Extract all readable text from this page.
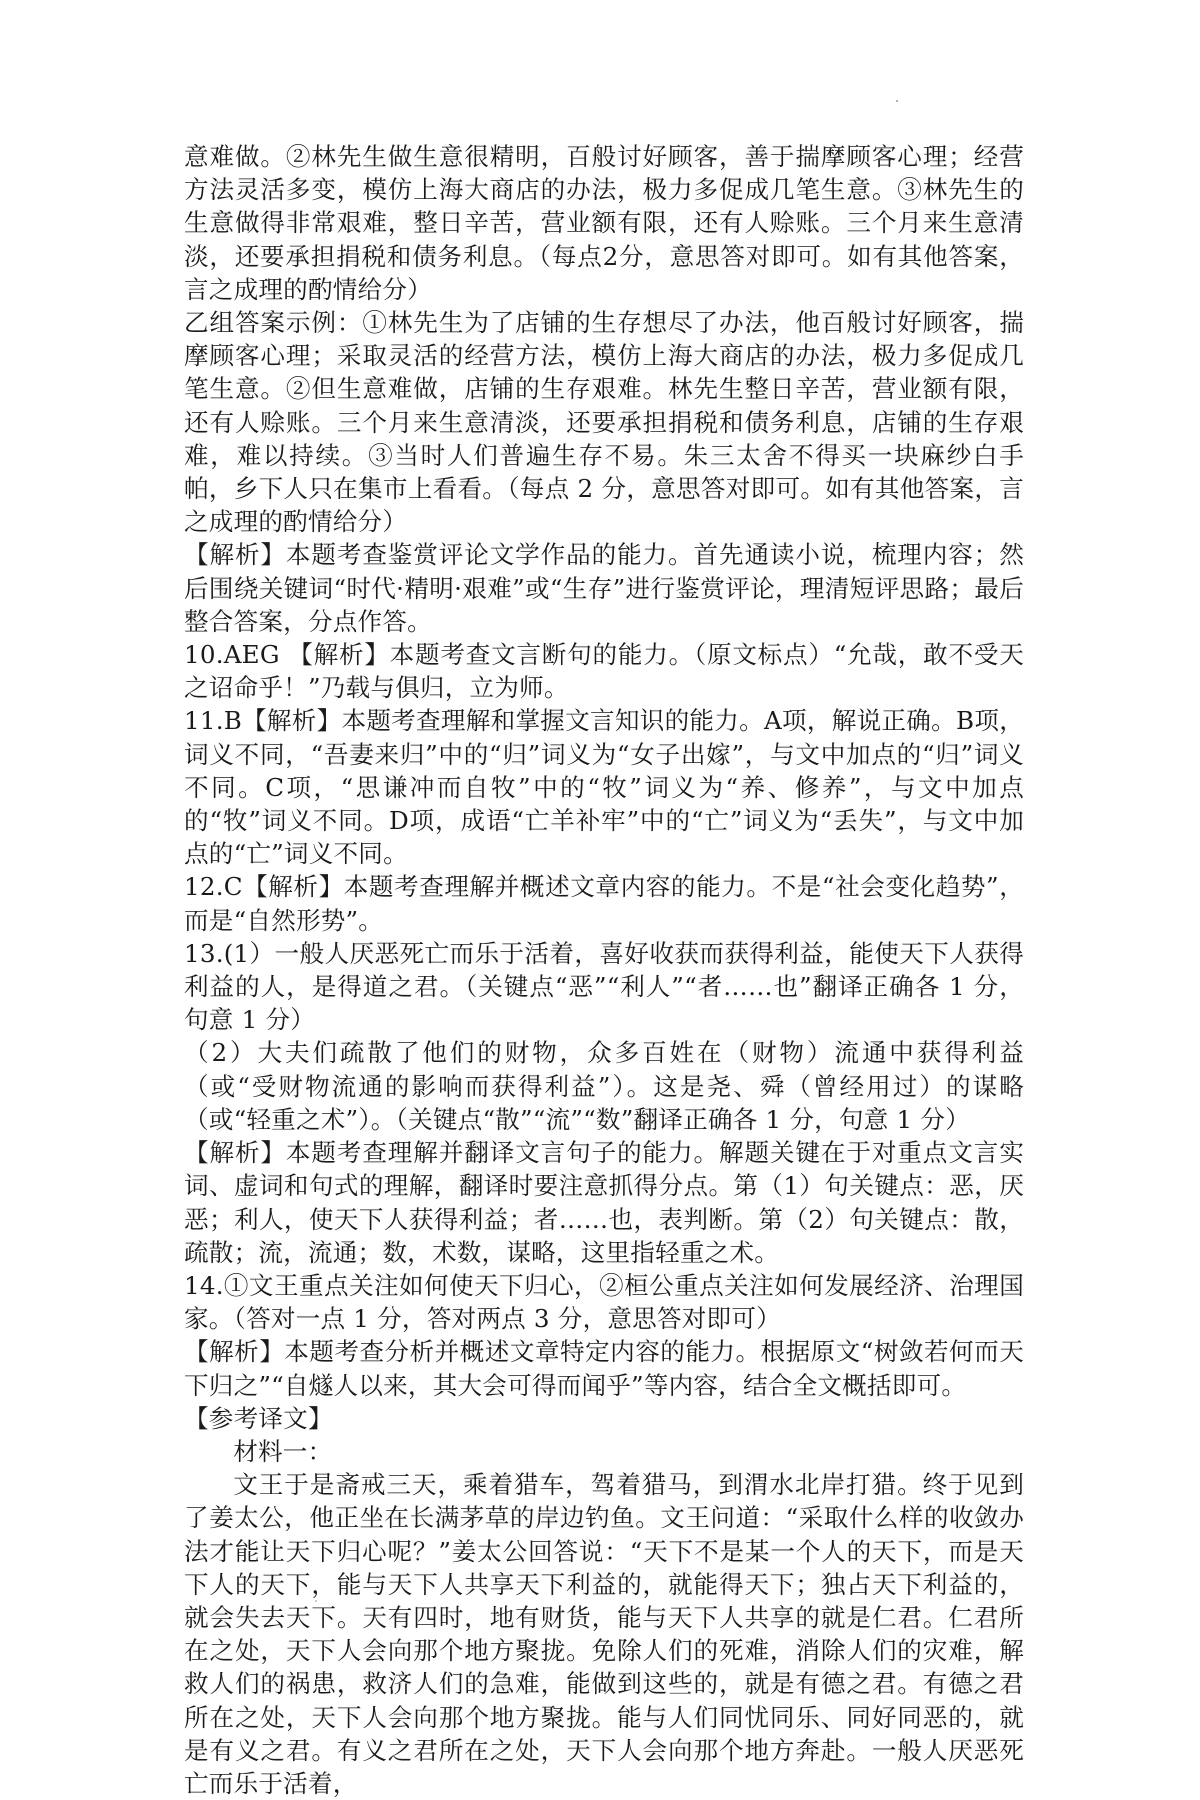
意难做。②林先生做生意很精明，百般讨好顾客，善于揣摩顾客心理；经营方法灵活多变，模仿上海大商店的办法，极力多促成几笔生意。③林先生的生意做得非常艰难，整日辛苦，营业额有限，还有人赊账。三个月来生意清淡，还要承担捐税和债务利息。（每点2分，意思答对即可。如有其他答案，言之成理的酌情给分）

乙组答案示例：①林先生为了店铺的生存想尽了办法，他百般讨好顾客，揣摩顾客心理；采取灵活的经营方法，模仿上海大商店的办法，极力多促成几笔生意。②但生意难做，店铺的生存艰难。林先生整日辛苦，营业额有限，还有人赊账。三个月来生意清淡，还要承担捐税和债务利息，店铺的生存艰难，难以持续。③当时人们普遍生存不易。朱三太舍不得买一块麻纱白手帕，乡下人只在集市上看看。（每点 2 分，意思答对即可。如有其他答案，言之成理的酌情给分）

【解析】本题考查鉴赏评论文学作品的能力。首先通读小说，梳理内容；然后围绕关键词“时代·精明·艰难”或“生存”进行鉴赏评论，理清短评思路；最后整合答案，分点作答。

10.AEG 【解析】本题考查文言断句的能力。（原文标点）“允哉，敢不受天之诏命乎！”乃载与俱归，立为师。

11.B【解析】本题考查理解和掌握文言知识的能力。A项，解说正确。B项，词义不同，“吾妻来归”中的“归”词义为“女子出嫁”，与文中加点的“归”词义不同。C项，“思谦冲而自牧”中的“牧”词义为“养、修养”，与文中加点的“牧”词义不同。D项，成语“亡羊补牢”中的“亡”词义为“丢失”，与文中加点的“亡”词义不同。

12.C【解析】本题考查理解并概述文章内容的能力。不是“社会变化趋势”，而是“自然形势”。

13.(1）一般人厌恶死亡而乐于活着，喜好收获而获得利益，能使天下人获得利益的人，是得道之君。（关键点“恶”“利人”“者……也”翻译正确各 1 分，句意 1 分）

（2）大夫们疏散了他们的财物，众多百姓在（财物）流通中获得利益（或“受财物流通的影响而获得利益”）。这是尧、舜（曾经用过）的谋略（或“轻重之术”）。（关键点“散”“流”“数”翻译正确各 1 分，句意 1 分）

【解析】本题考查理解并翻译文言句子的能力。解题关键在于对重点文言实词、虚词和句式的理解，翻译时要注意抓得分点。第（1）句关键点：恶，厌恶；利人，使天下人获得利益；者……也，表判断。第（2）句关键点：散，疏散；流，流通；数，术数，谋略，这里指轻重之术。

14.①文王重点关注如何使天下归心，②桓公重点关注如何发展经济、治理国家。（答对一点 1 分，答对两点 3 分，意思答对即可）

【解析】本题考查分析并概述文章特定内容的能力。根据原文“树敛若何而天下归之”“自燧人以来，其大会可得而闻乎”等内容，结合全文概括即可。

【参考译文】

材料一：

文王于是斋戒三天，乘着猎车，驾着猎马，到渭水北岸打猎。终于见到了姜太公，他正坐在长满茅草的岸边钓鱼。文王问道：“采取什么样的收敛办法才能让天下归心呢？”姜太公回答说：“天下不是某一个人的天下，而是天下人的天下，能与天下人共享天下利益的，就能得天下；独占天下利益的，就会失去天下。天有四时，地有财货，能与天下人共享的就是仁君。仁君所在之处，天下人会向那个地方聚拢。免除人们的死难，消除人们的灾难，解救人们的祸患，救济人们的急难，能做到这些的，就是有德之君。有德之君所在之处，天下人会向那个地方聚拢。能与人们同忧同乐、同好同恶的，就是有义之君。有义之君所在之处，天下人会向那个地方奔赴。一般人厌恶死亡而乐于活着，
